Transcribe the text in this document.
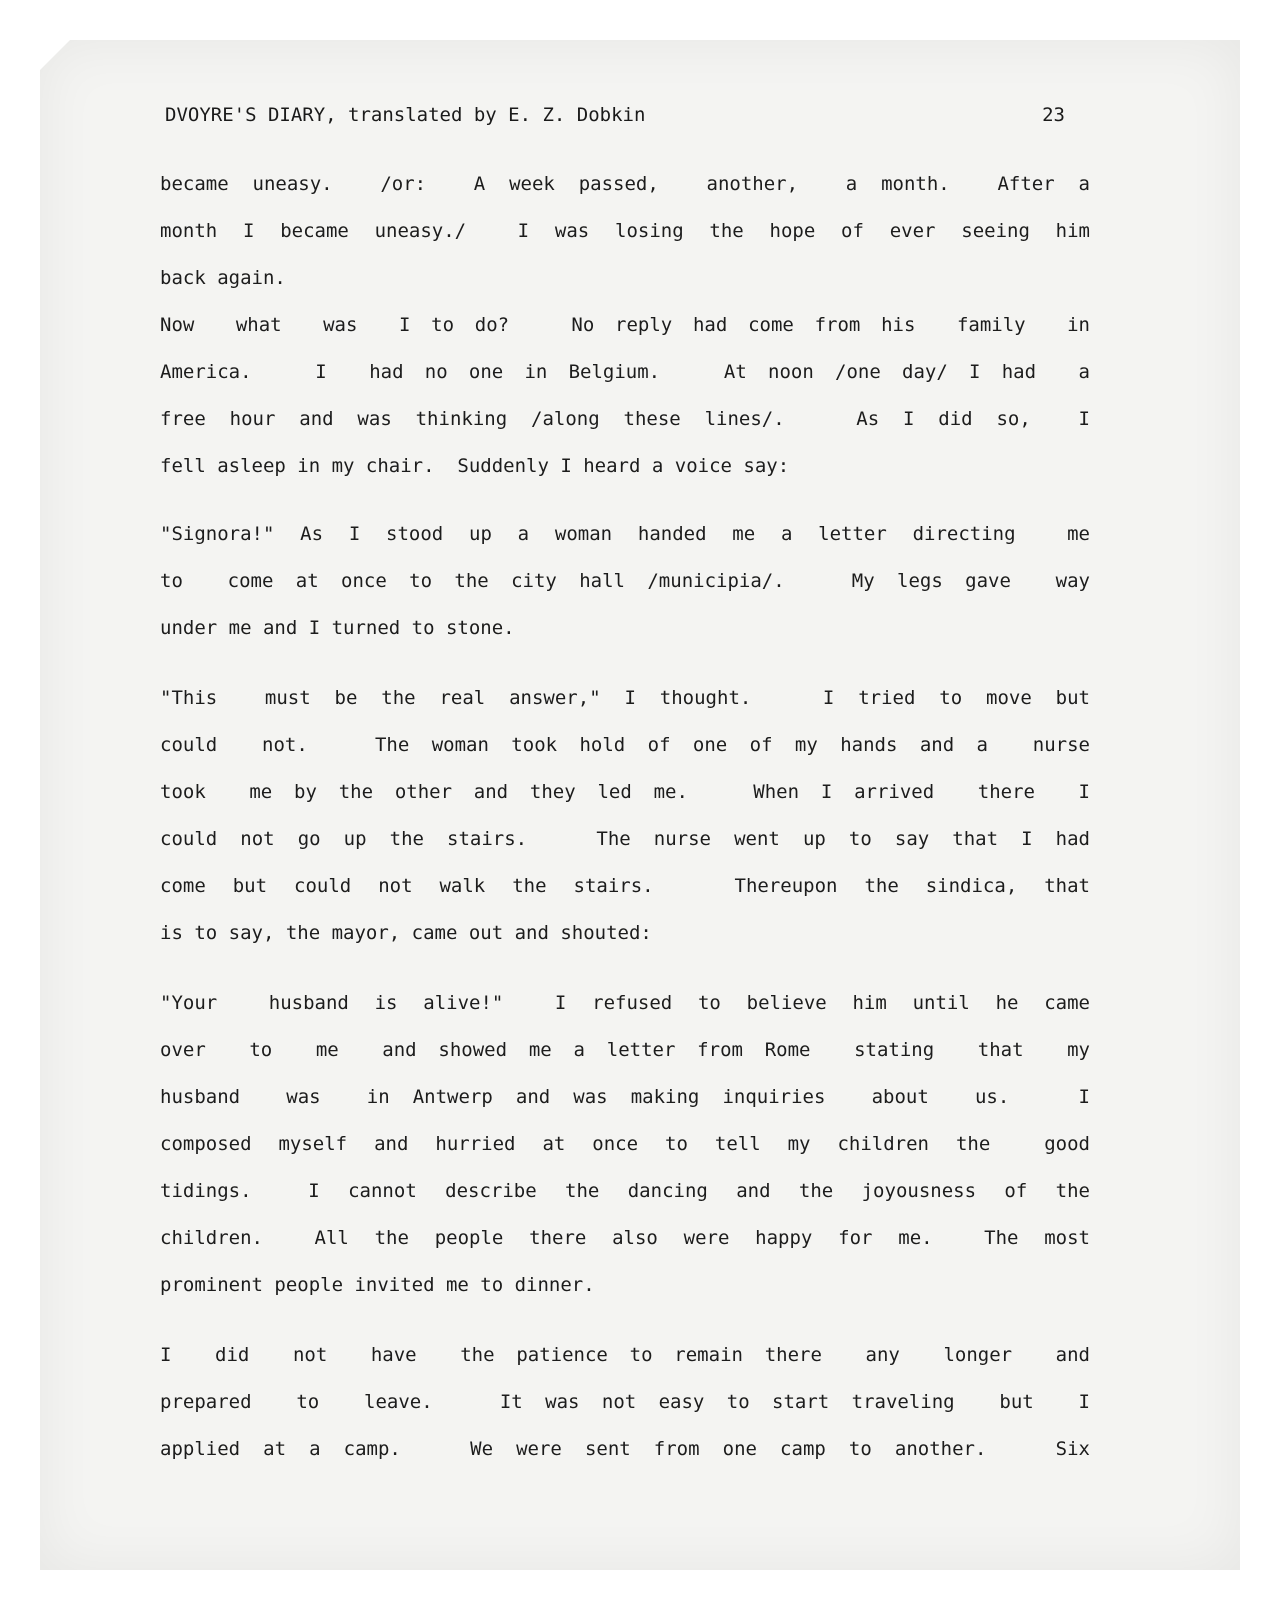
DVOYRE'S DIARY, translated by E. Z. Dobkin	23
became uneasy.  /or:  A week passed,  another,  a month.  After a
month I became uneasy./  I was losing the hope of ever seeing him
back again.
Now  what  was  I to do?   No reply had come from his  family  in
America.   I  had no one in Belgium.   At noon /one day/ I had  a
free hour and was thinking /along these lines/.   As I did so,  I
fell asleep in my chair.  Suddenly I heard a voice say:
"Signora!" As I stood up a woman handed me a letter directing  me
to  come at once to the city hall /municipia/.   My legs gave  way
under me and I turned to stone.
"This  must be the real answer," I thought.   I tried to move but
could  not.   The woman took hold of one of my hands and a  nurse
took  me by the other and they led me.   When I arrived  there  I
could not go up the stairs.   The nurse went up to say that I had
come but could not walk the stairs.   Thereupon the sindica, that
is to say, the mayor, came out and shouted:
"Your  husband is alive!"  I refused to believe him until he came
over  to  me  and showed me a letter from Rome  stating  that  my
husband  was  in Antwerp and was making inquiries  about  us.   I
composed myself and hurried at once to tell my children the  good
tidings.  I cannot describe the dancing and the joyousness of the
children.  All the people there also were happy for me.  The most
prominent people invited me to dinner.
I  did  not  have  the patience to remain there  any  longer  and
prepared  to  leave.   It was not easy to start traveling  but  I
applied at a camp.   We were sent from one camp to another.   Six
